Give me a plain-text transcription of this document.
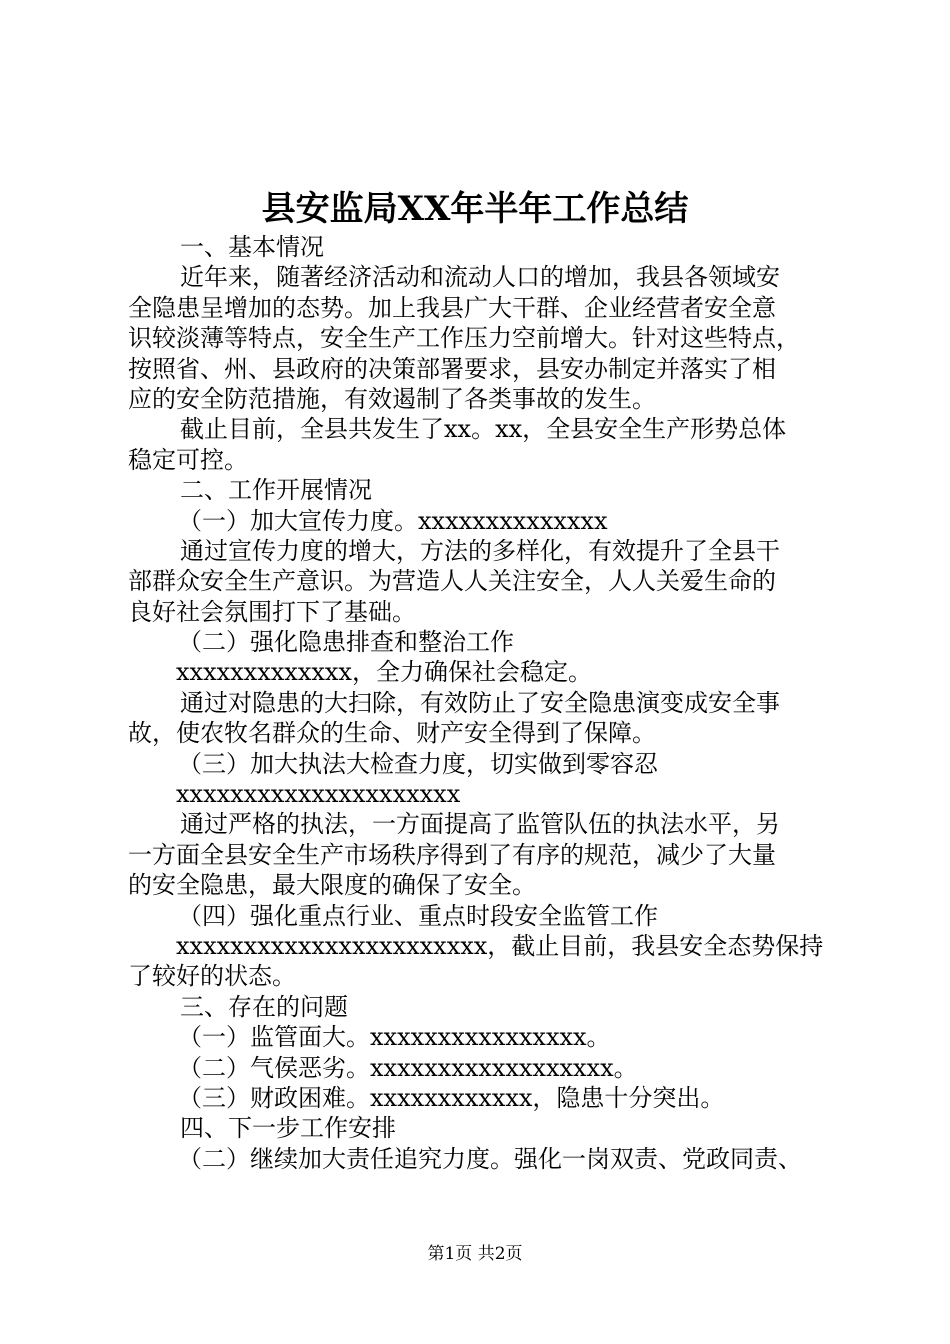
县安监局XX年半年工作总结
一、基本情况
近年来，随著经济活动和流动人口的增加，我县各领域安
全隐患呈增加的态势。加上我县广大干群、企业经营者安全意
识较淡薄等特点，安全生产工作压力空前增大。针对这些特点，
按照省、州、县政府的决策部署要求，县安办制定并落实了相
应的安全防范措施，有效遏制了各类事故的发生。
截止目前，全县共发生了xx。xx，全县安全生产形势总体
稳定可控。
二、工作开展情况
（一）加大宣传力度。xxxxxxxxxxxxxx
通过宣传力度的增大，方法的多样化，有效提升了全县干
部群众安全生产意识。为营造人人关注安全，人人关爱生命的
良好社会氛围打下了基础。
（二）强化隐患排查和整治工作
xxxxxxxxxxxxx，全力确保社会稳定。
通过对隐患的大扫除，有效防止了安全隐患演变成安全事
故，使农牧名群众的生命、财产安全得到了保障。
（三）加大执法大检查力度，切实做到零容忍
xxxxxxxxxxxxxxxxxxxxx
通过严格的执法，一方面提高了监管队伍的执法水平，另
一方面全县安全生产市场秩序得到了有序的规范，减少了大量
的安全隐患，最大限度的确保了安全。
（四）强化重点行业、重点时段安全监管工作
xxxxxxxxxxxxxxxxxxxxxxx，截止目前，我县安全态势保持
了较好的状态。
三、存在的问题
（一）监管面大。xxxxxxxxxxxxxxxx。
（二）气侯恶劣。xxxxxxxxxxxxxxxxxx。
（三）财政困难。xxxxxxxxxxxx，隐患十分突出。
四、下一步工作安排
（二）继续加大责任追究力度。强化一岗双责、党政同责、
第1页 共2页
